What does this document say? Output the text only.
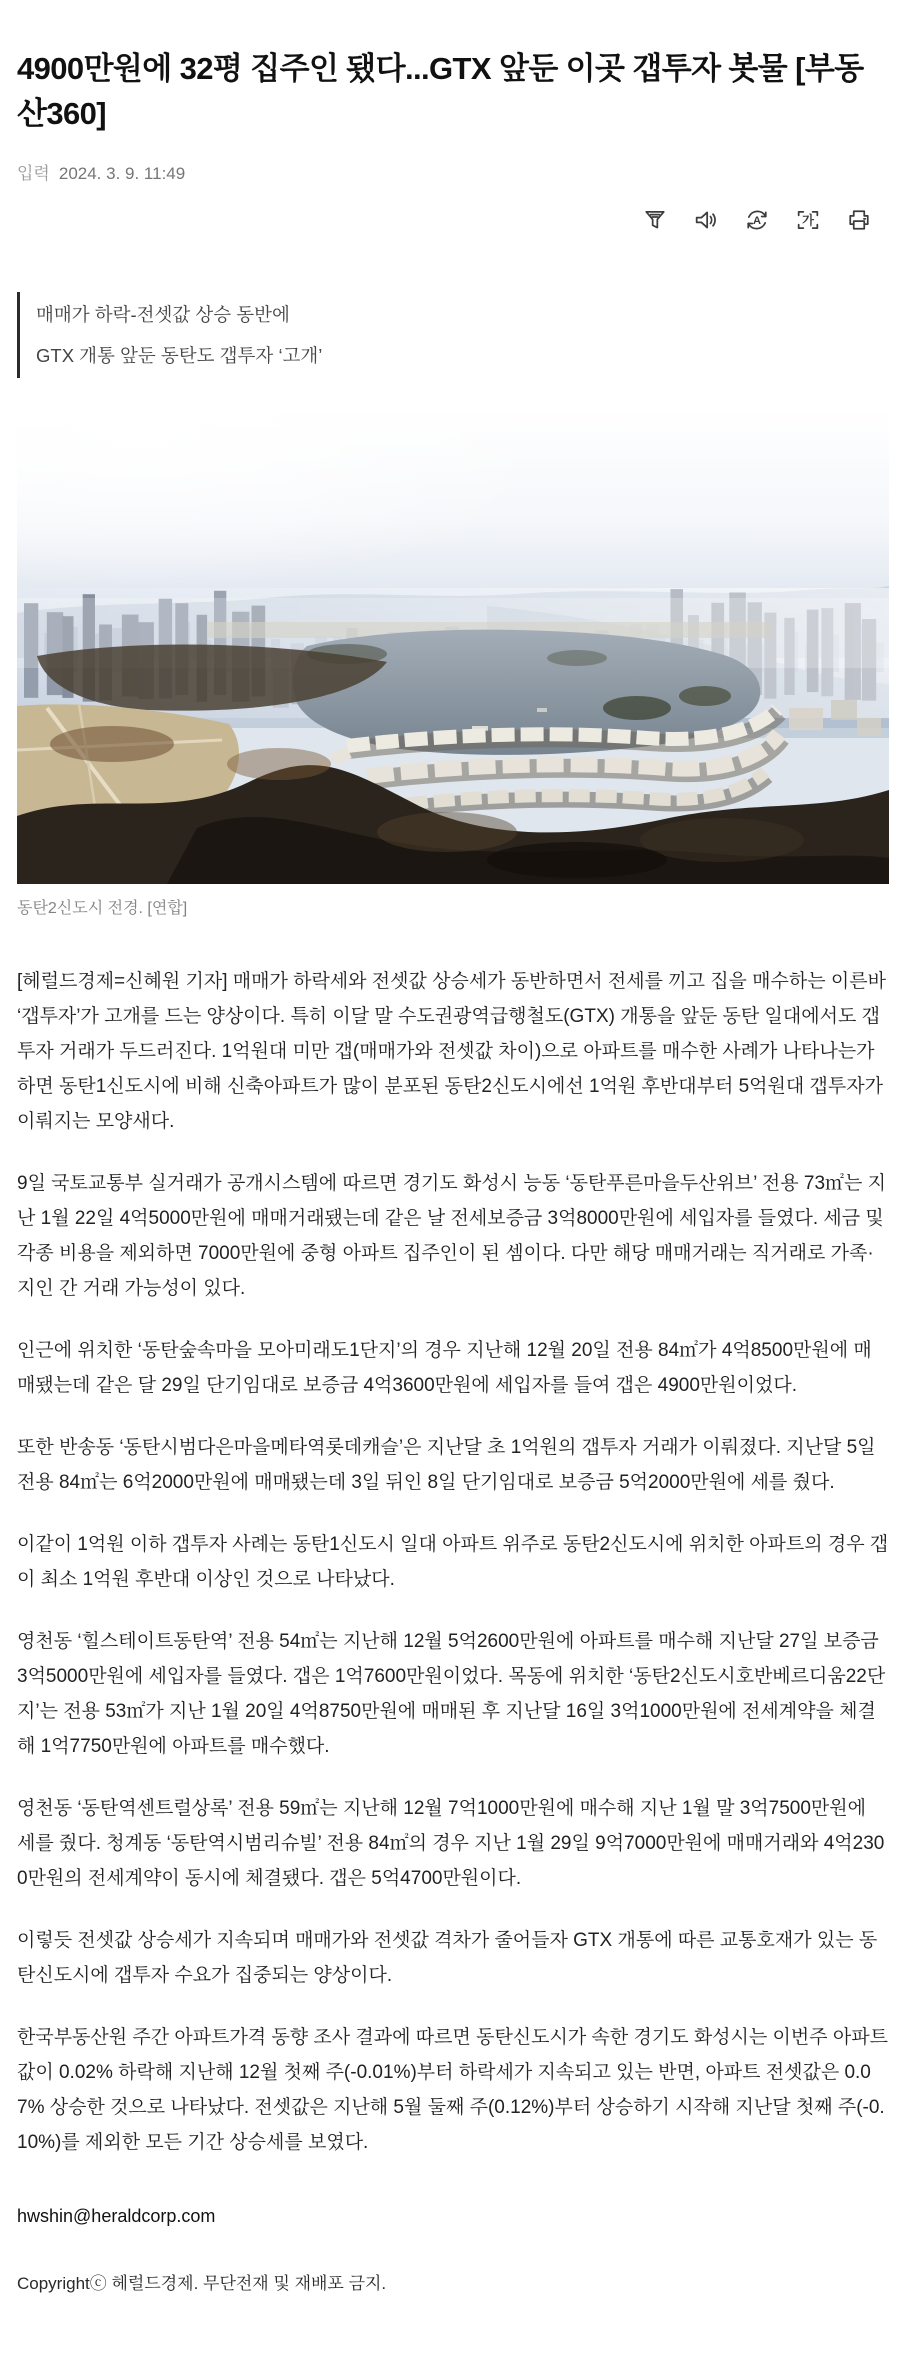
4900만원에 32평 집주인 됐다...GTX 앞둔 이곳 갭투자 봇물 [부동산360]
입력 2024. 3. 9. 11:49
A	가

매매가 하락-전셋값 상승 동반에

GTX 개통 앞둔 동탄도 갭투자 ‘고개’

동탄2신도시 전경. [연합]

[헤럴드경제=신혜원 기자] 매매가 하락세와 전셋값 상승세가 동반하면서 전세를 끼고 집을 매수하는 이른바 ‘갭투자’가 고개를 드는 양상이다. 특히 이달 말 수도권광역급행철도(GTX) 개통을 앞둔 동탄 일대에서도 갭투자 거래가 두드러진다. 1억원대 미만 갭(매매가와 전셋값 차이)으로 아파트를 매수한 사례가 나타나는가 하면 동탄1신도시에 비해 신축아파트가 많이 분포된 동탄2신도시에선 1억원 후반대부터 5억원대 갭투자가 이뤄지는 모양새다.

9일 국토교통부 실거래가 공개시스템에 따르면 경기도 화성시 능동 ‘동탄푸른마을두산위브’ 전용 73㎡는 지난 1월 22일 4억5000만원에 매매거래됐는데 같은 날 전세보증금 3억8000만원에 세입자를 들였다. 세금 및 각종 비용을 제외하면 7000만원에 중형 아파트 집주인이 된 셈이다. 다만 해당 매매거래는 직거래로 가족·지인 간 거래 가능성이 있다.

인근에 위치한 ‘동탄숲속마을 모아미래도1단지’의 경우 지난해 12월 20일 전용 84㎡가 4억8500만원에 매매됐는데 같은 달 29일 단기임대로 보증금 4억3600만원에 세입자를 들여 갭은 4900만원이었다.

또한 반송동 ‘동탄시범다은마을메타역롯데캐슬’은 지난달 초 1억원의 갭투자 거래가 이뤄졌다. 지난달 5일 전용 84㎡는 6억2000만원에 매매됐는데 3일 뒤인 8일 단기임대로 보증금 5억2000만원에 세를 줬다.

이같이 1억원 이하 갭투자 사례는 동탄1신도시 일대 아파트 위주로 동탄2신도시에 위치한 아파트의 경우 갭이 최소 1억원 후반대 이상인 것으로 나타났다.

영천동 ‘힐스테이트동탄역’ 전용 54㎡는 지난해 12월 5억2600만원에 아파트를 매수해 지난달 27일 보증금 3억5000만원에 세입자를 들였다. 갭은 1억7600만원이었다. 목동에 위치한 ‘동탄2신도시호반베르디움22단지’는 전용 53㎡가 지난 1월 20일 4억8750만원에 매매된 후 지난달 16일 3억1000만원에 전세계약을 체결해 1억7750만원에 아파트를 매수했다.

영천동 ‘동탄역센트럴상록’ 전용 59㎡는 지난해 12월 7억1000만원에 매수해 지난 1월 말 3억7500만원에 세를 줬다. 청계동 ‘동탄역시범리슈빌’ 전용 84㎡의 경우 지난 1월 29일 9억7000만원에 매매거래와 4억2300만원의 전세계약이 동시에 체결됐다. 갭은 5억4700만원이다.

이렇듯 전셋값 상승세가 지속되며 매매가와 전셋값 격차가 줄어들자 GTX 개통에 따른 교통호재가 있는 동탄신도시에 갭투자 수요가 집중되는 양상이다.

한국부동산원 주간 아파트가격 동향 조사 결과에 따르면 동탄신도시가 속한 경기도 화성시는 이번주 아파트값이 0.02% 하락해 지난해 12월 첫째 주(-0.01%)부터 하락세가 지속되고 있는 반면, 아파트 전셋값은 0.07% 상승한 것으로 나타났다. 전셋값은 지난해 5월 둘째 주(0.12%)부터 상승하기 시작해 지난달 첫째 주(-0.10%)를 제외한 모든 기간 상승세를 보였다.

hwshin@heraldcorp.com

Copyrightⓒ 헤럴드경제. 무단전재 및 재배포 금지.
